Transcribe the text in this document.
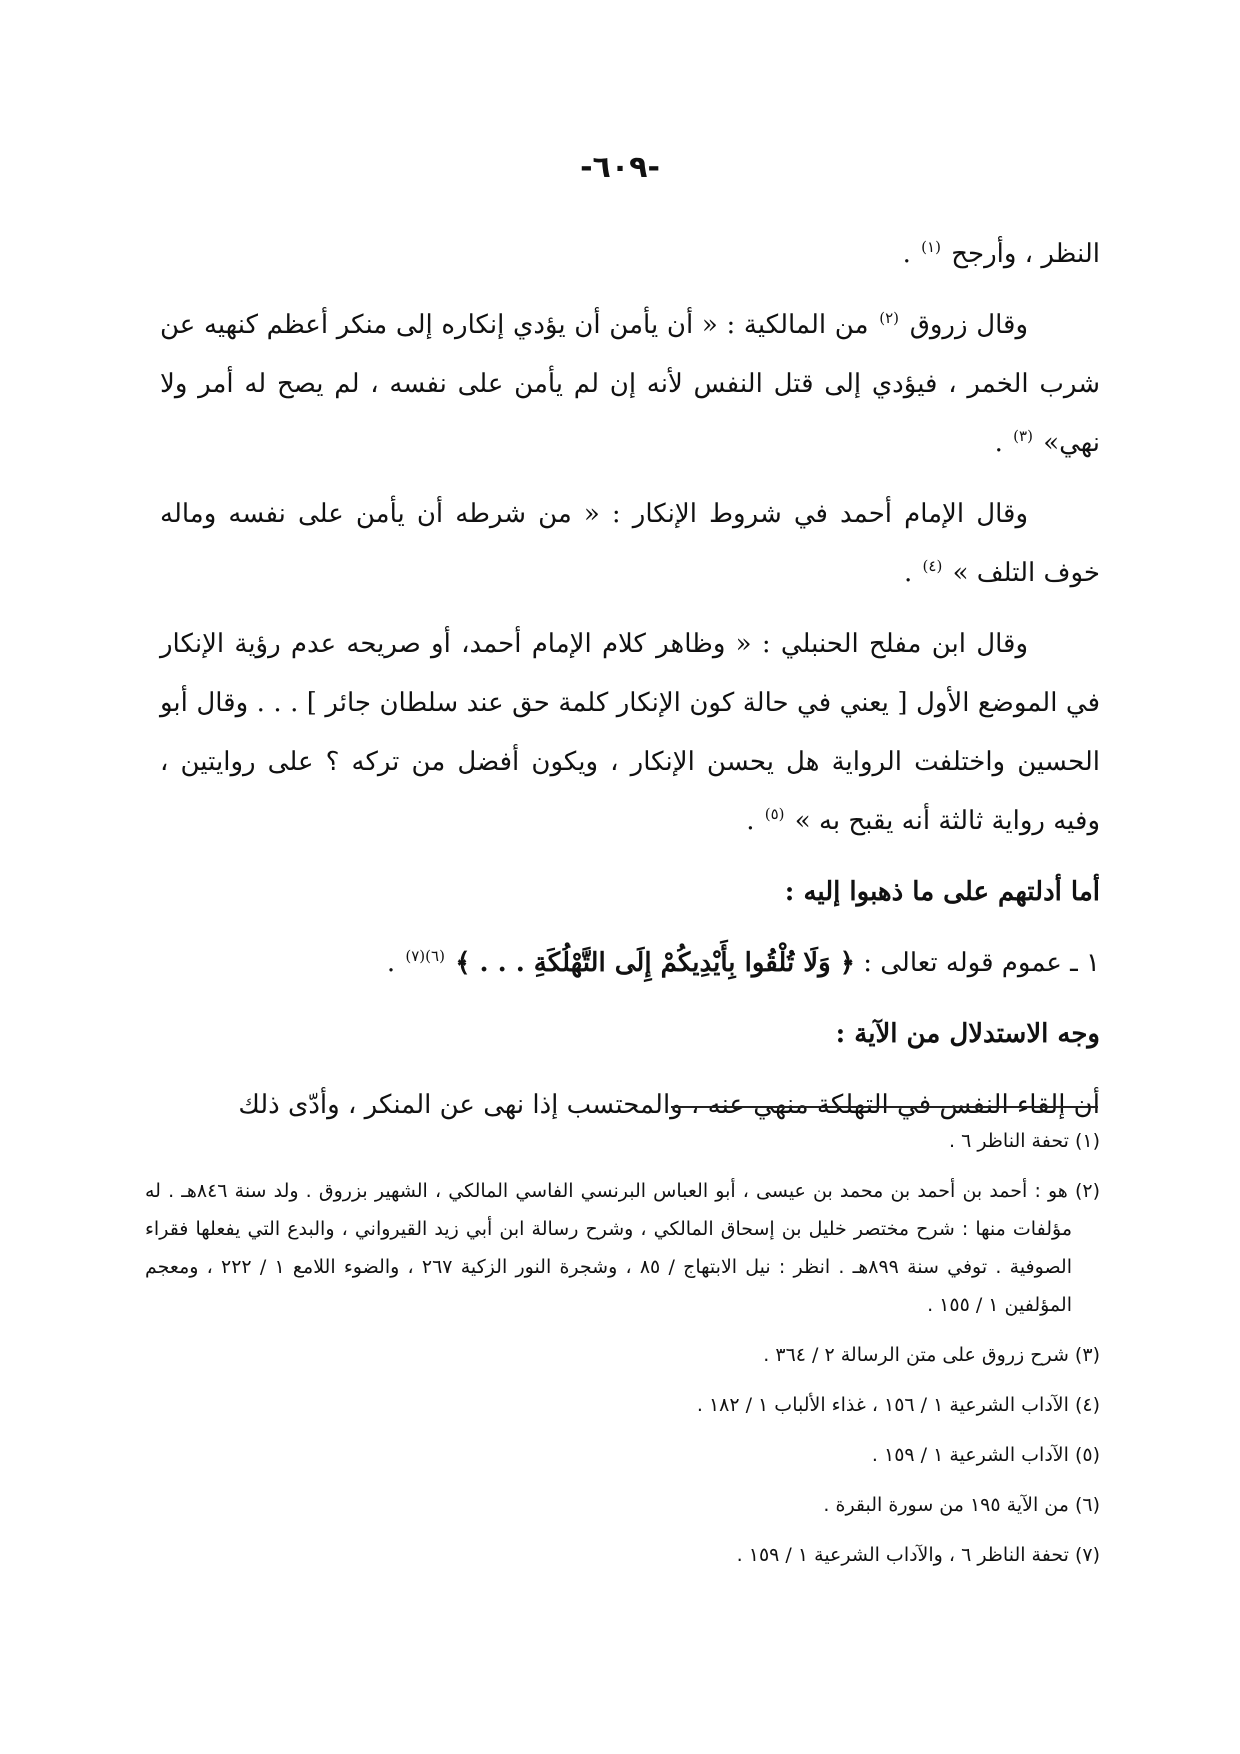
-٦٠٩-

النظر ، وأرجح $^{(١)}$ .

وقال زروق $^{(٢)}$ من المالكية : « أن يأمن أن يؤدي إنكاره إلى منكر أعظم كنهيه عن شرب الخمر ، فيؤدي إلى قتل النفس لأنه إن لم يأمن على نفسه ، لم يصح له أمر ولا نهي» $^{(٣)}$ .

وقال الإمام أحمد في شروط الإنكار : « من شرطه أن يأمن على نفسه وماله خوف التلف » $^{(٤)}$ .

وقال ابن مفلح الحنبلي : « وظاهر كلام الإمام أحمد، أو صريحه عدم رؤية الإنكار في الموضع الأول [ يعني في حالة كون الإنكار كلمة حق عند سلطان جائر ] . . . وقال أبو الحسين واختلفت الرواية هل يحسن الإنكار ، ويكون أفضل من تركه ؟ على روايتين ، وفيه رواية ثالثة أنه يقبح به » $^{(٥)}$ .

أما أدلتهم على ما ذهبوا إليه :

١ ـ عموم قوله تعالى : ﴿ وَلَا تُلْقُوا بِأَيْدِيكُمْ إِلَى التَّهْلُكَةِ . . . ﴾ $^{(٦)(٧)}$ .

وجه الاستدلال من الآية :

أن إلقاء النفس في التهلكة منهي عنه ، والمحتسب إذا نهى عن المنكر ، وأدّى ذلك

(١) تحفة الناظر ٦ .

(٢) هو : أحمد بن أحمد بن محمد بن عيسى ، أبو العباس البرنسي الفاسي المالكي ، الشهير بزروق . ولد سنة ٨٤٦هـ . له مؤلفات منها : شرح مختصر خليل بن إسحاق المالكي ، وشرح رسالة ابن أبي زيد القيرواني ، والبدع التي يفعلها فقراء الصوفية . توفي سنة ٨٩٩هـ . انظر : نيل الابتهاج / ٨٥ ، وشجرة النور الزكية ٢٦٧ ، والضوء اللامع ١ / ٢٢٢ ، ومعجم المؤلفين ١ / ١٥٥ .

(٣) شرح زروق على متن الرسالة ٢ / ٣٦٤ .

(٤) الآداب الشرعية ١ / ١٥٦ ، غذاء الألباب ١ / ١٨٢ .

(٥) الآداب الشرعية ١ / ١٥٩ .

(٦) من الآية ١٩٥ من سورة البقرة .

(٧) تحفة الناظر ٦ ، والآداب الشرعية ١ / ١٥٩ .
